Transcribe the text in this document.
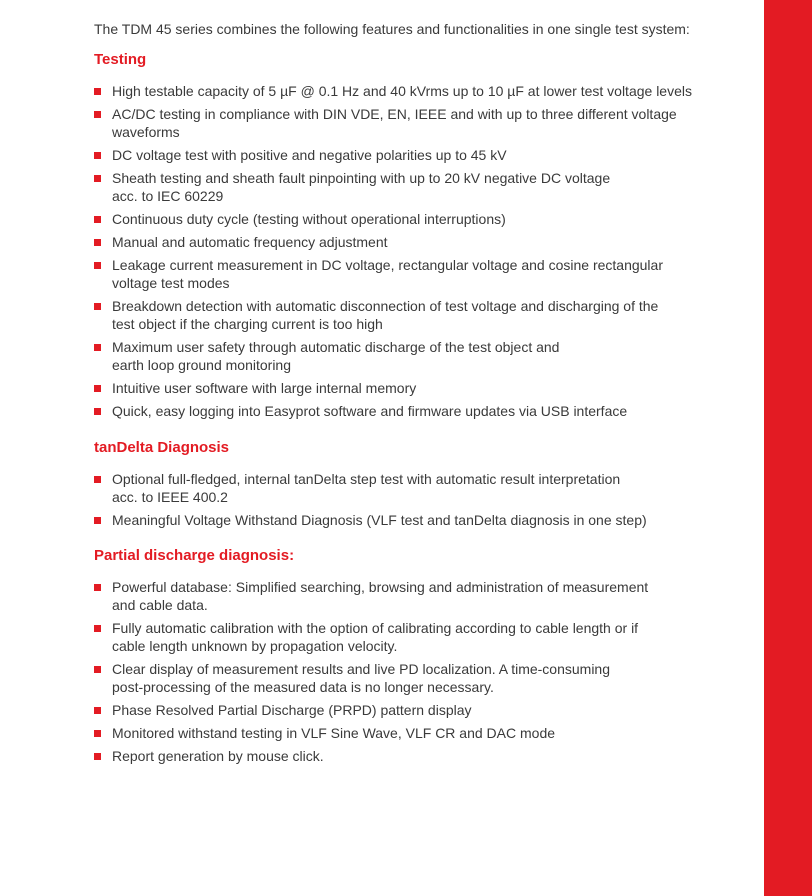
The TDM 45 series combines the following features and functionalities in one single test system:

Testing
High testable capacity of 5 µF @ 0.1 Hz and 40 kVrms up to 10 µF at lower test voltage levels
AC/DC testing in compliance with DIN VDE, EN, IEEE and with up to three different voltage
waveforms
DC voltage test with positive and negative polarities up to 45 kV
Sheath testing and sheath fault pinpointing with up to 20 kV negative DC voltage
acc. to IEC 60229
Continuous duty cycle (testing without operational interruptions)
Manual and automatic frequency adjustment
Leakage current measurement in DC voltage, rectangular voltage and cosine rectangular
voltage test modes
Breakdown detection with automatic disconnection of test voltage and discharging of the
test object if the charging current is too high
Maximum user safety through automatic discharge of the test object and
earth loop ground monitoring
Intuitive user software with large internal memory
Quick, easy logging into Easyprot software and firmware updates via USB interface
tanDelta Diagnosis
Optional full-fledged, internal tanDelta step test with automatic result interpretation
acc. to IEEE 400.2
Meaningful Voltage Withstand Diagnosis (VLF test and tanDelta diagnosis in one step)
Partial discharge diagnosis:
Powerful database: Simplified searching, browsing and administration of measurement
and cable data.
Fully automatic calibration with the option of calibrating according to cable length or if
cable length unknown by propagation velocity.
Clear display of measurement results and live PD localization. A time-consuming
post-processing of the measured data is no longer necessary.
Phase Resolved Partial Discharge (PRPD) pattern display
Monitored withstand testing in VLF Sine Wave, VLF CR and DAC mode
Report generation by mouse click.
